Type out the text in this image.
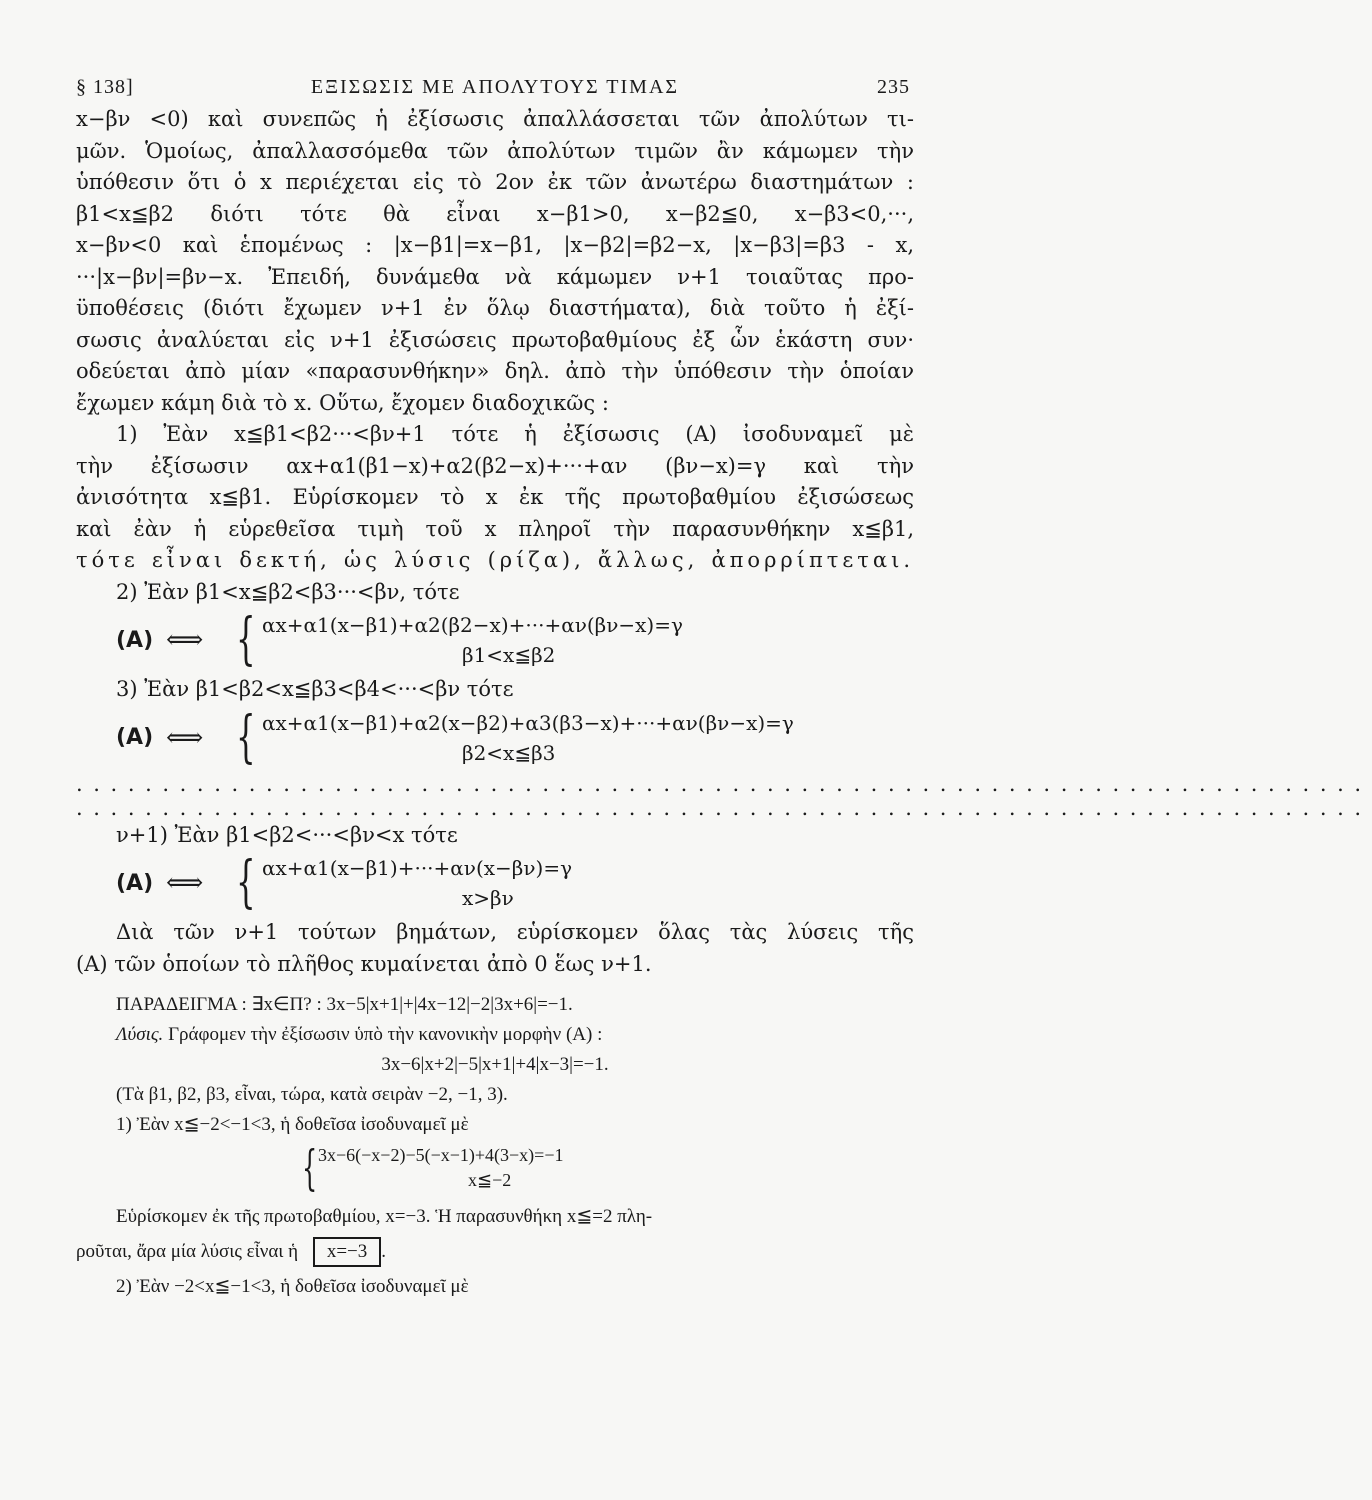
§ 138]	ΕΞΙΣΩΣΙΣ ΜΕ ΑΠΟΛΥΤΟΥΣ ΤΙΜΑΣ	235
x−βν <0) καὶ συνεπῶς ἡ ἐξίσωσις ἀπαλλάσσεται τῶν ἀπολύτων τι-
μῶν. Ὁμοίως, ἀπαλλασσόμεθα τῶν ἀπολύτων τιμῶν ἂν κάμωμεν τὴν
ὑπόθεσιν ὅτι ὁ x περιέχεται εἰς τὸ 2ον ἐκ τῶν ἀνωτέρω διαστημάτων :
β1<x≦β2 διότι τότε θὰ εἶναι x−β1>0, x−β2≦0, x−β3<0,···,
x−βν<0 καὶ ἑπομένως : |x−β1|=x−β1, |x−β2|=β2−x, |x−β3|=β3 - x,
···|x−βν|=βν−x. Ἐπειδή, δυνάμεθα νὰ κάμωμεν ν+1 τοιαῦτας προ-
ϋποθέσεις (διότι ἔχωμεν ν+1 ἐν ὅλῳ διαστήματα), διὰ τοῦτο ἡ ἐξί-
σωσις ἀναλύεται εἰς ν+1 ἐξισώσεις πρωτοβαθμίους ἐξ ὧν ἑκάστη συν·
οδεύεται ἀπὸ μίαν «παρασυνθήκην» δηλ. ἀπὸ τὴν ὑπόθεσιν τὴν ὁποίαν
ἔχωμεν κάμη διὰ τὸ x. Οὕτω, ἔχομεν διαδοχικῶς :
1) Ἐὰν x≦β1<β2···<βν+1 τότε ἡ ἐξίσωσις (A) ἰσοδυναμεῖ μὲ
τὴν ἐξίσωσιν αx+α1(β1−x)+α2(β2−x)+···+αν (βν−x)=γ καὶ τὴν
ἀνισότητα x≦β1. Εὑρίσκομεν τὸ x ἐκ τῆς πρωτοβαθμίου ἐξισώσεως
καὶ ἐὰν ἡ εὑρεθεῖσα τιμὴ τοῦ x πληροῖ τὴν παρασυνθήκην x≦β1,
τότε εἶναι δεκτή, ὡς λύσις (ρίζα), ἄλλως, ἀπορρίπτεται.
2) Ἐὰν β1<x≦β2<β3···<βν, τότε
(A) ⟺ { αx+α1(x−β1)+α2(β2−x)+···+αν(βν−x)=γ
β1<x≦β2
3) Ἐὰν β1<β2<x≦β3<β4<···<βν τότε
(A) ⟺ { αx+α1(x−β1)+α2(x−β2)+α3(β3−x)+···+αν(βν−x)=γ
β2<x≦β3
...........................................................................
...........................................................................
ν+1) Ἐὰν β1<β2<···<βν<x τότε
(A) ⟺ { αx+α1(x−β1)+···+αν(x−βν)=γ
x>βν
Διὰ τῶν ν+1 τούτων βημάτων, εὑρίσκομεν ὅλας τὰς λύσεις τῆς
(A) τῶν ὁποίων τὸ πλῆθος κυμαίνεται ἀπὸ 0 ἕως ν+1.
ΠΑΡΑΔΕΙΓΜΑ : ∃x∈Π? : 3x−5|x+1|+|4x−12|−2|3x+6|=−1.
Λύσις. Γράφομεν τὴν ἐξίσωσιν ὑπὸ τὴν κανονικὴν μορφὴν (A) :
3x−6|x+2|−5|x+1|+4|x−3|=−1.
(Τὰ β1, β2, β3, εἶναι, τώρα, κατὰ σειρὰν −2, −1, 3).
1) Ἐὰν x≦−2<−1<3, ἡ δοθεῖσα ἰσοδυναμεῖ μὲ
{ 3x−6(−x−2)−5(−x−1)+4(3−x)=−1
x≦−2
Εὑρίσκομεν ἐκ τῆς πρωτοβαθμίου, x=−3. Ἡ παρασυνθήκη x≦=2 πλη-
ροῦται, ἄρα μία λύσις εἶναι ἡ x=−3 .
2) Ἐὰν −2<x≦−1<3, ἡ δοθεῖσα ἰσοδυναμεῖ μὲ
